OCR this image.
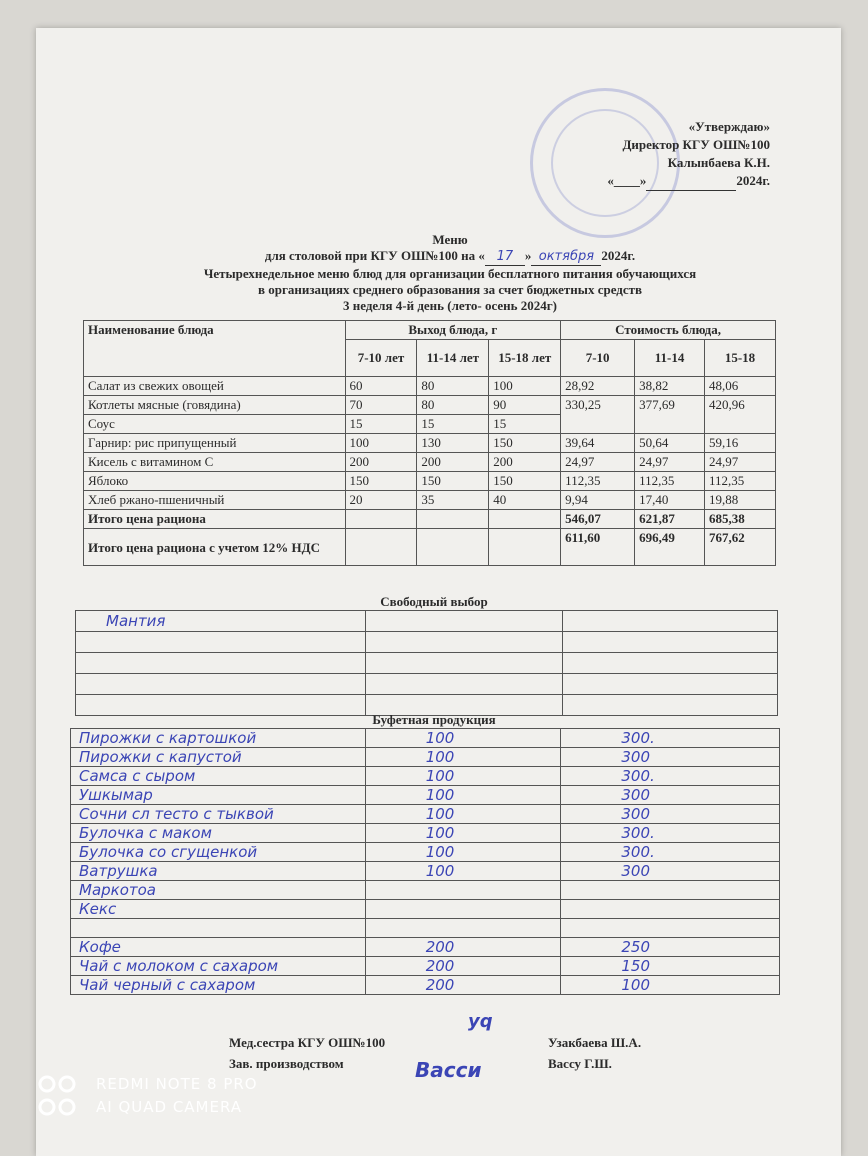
«Утверждаю»
Директор КГУ ОШ№100
Калынбаева К.Н.
«____»	2024г.
Меню
для столовой при КГУ ОШ№100 на « 17 » октября 2024г.
Четырехнедельное меню блюд для организации бесплатного питания обучающихся
в организациях среднего образования за счет бюджетных средств
3 неделя 4-й день (лето- осень 2024г)
Наименование блюда	Выход блюда, г			Стоимость блюда,		
	7-10 лет	11-14 лет	15-18 лет	7-10	11-14	15-18
Салат из свежих овощей	60	80	100	28,92	38,82	48,06
Котлеты мясные (говядина)	70	80	90	330,25	377,69	420,96
Соус	15	15	15			
Гарнир: рис припущенный	100	130	150	39,64	50,64	59,16
Кисель с витамином С	200	200	200	24,97	24,97	24,97
Яблоко	150	150	150	112,35	112,35	112,35
Хлеб ржано-пшеничный	20	35	40	9,94	17,40	19,88
Итого цена рациона				546,07	621,87	685,38
Итого цена рациона с учетом 12% НДС				611,60	696,49	767,62
Свободный выбор
Мантия		

Буфетная продукция
Пирожки с картошкой	100	300.
Пирожки с капустой	100	300
Самса с сыром	100	300.
Ушкымар	100	300
Сочни сл тесто с тыквой	100	300
Булочка с маком	100	300.
Булочка со сгущенкой	100	300.
Ватрушка	100	300
Маркотоа		
Кекс		

Кофе	200	250
Чай с молоком с сахаром	200	150
Чай черный с сахаром	200	100
Мед.сестра КГУ ОШ№100	Узакбаева Ш.А.
Зав. производством	Вассу Г.Ш.
уq
Васси
REDMI NOTE 8 PRO
AI QUAD CAMERA
